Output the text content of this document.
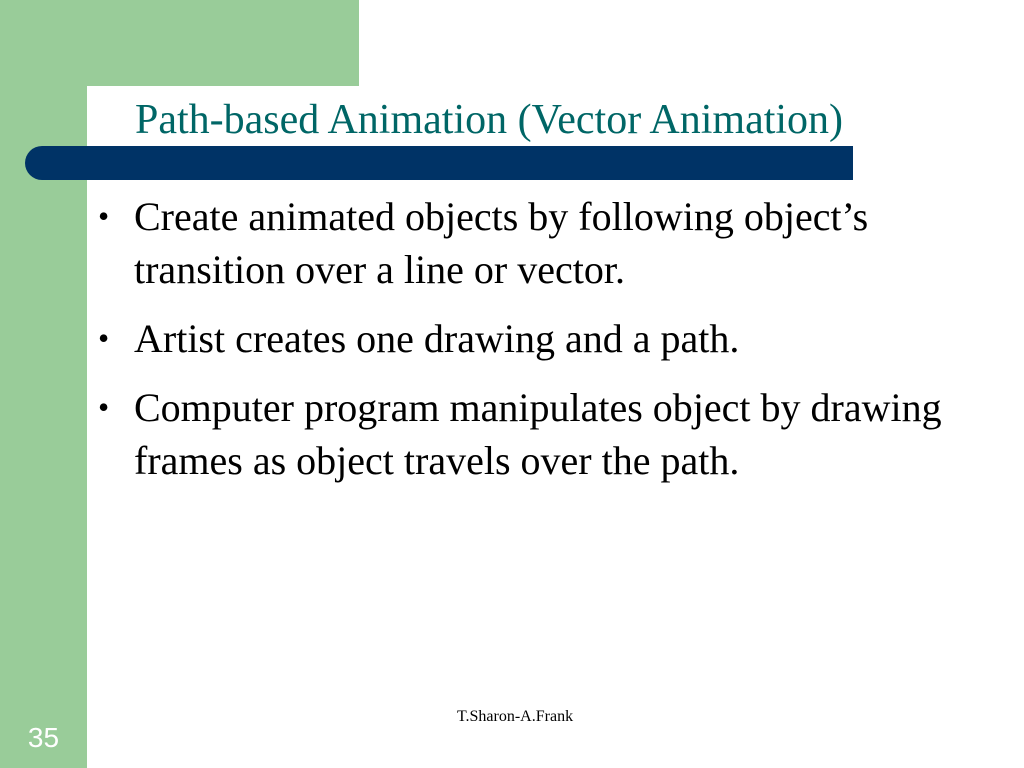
Path-based Animation (Vector Animation)
• Create animated objects by following object’s transition over a line or vector.
• Artist creates one drawing and a path.
• Computer program manipulates object by drawing frames as object travels over the path.
T.Sharon-A.Frank
35
